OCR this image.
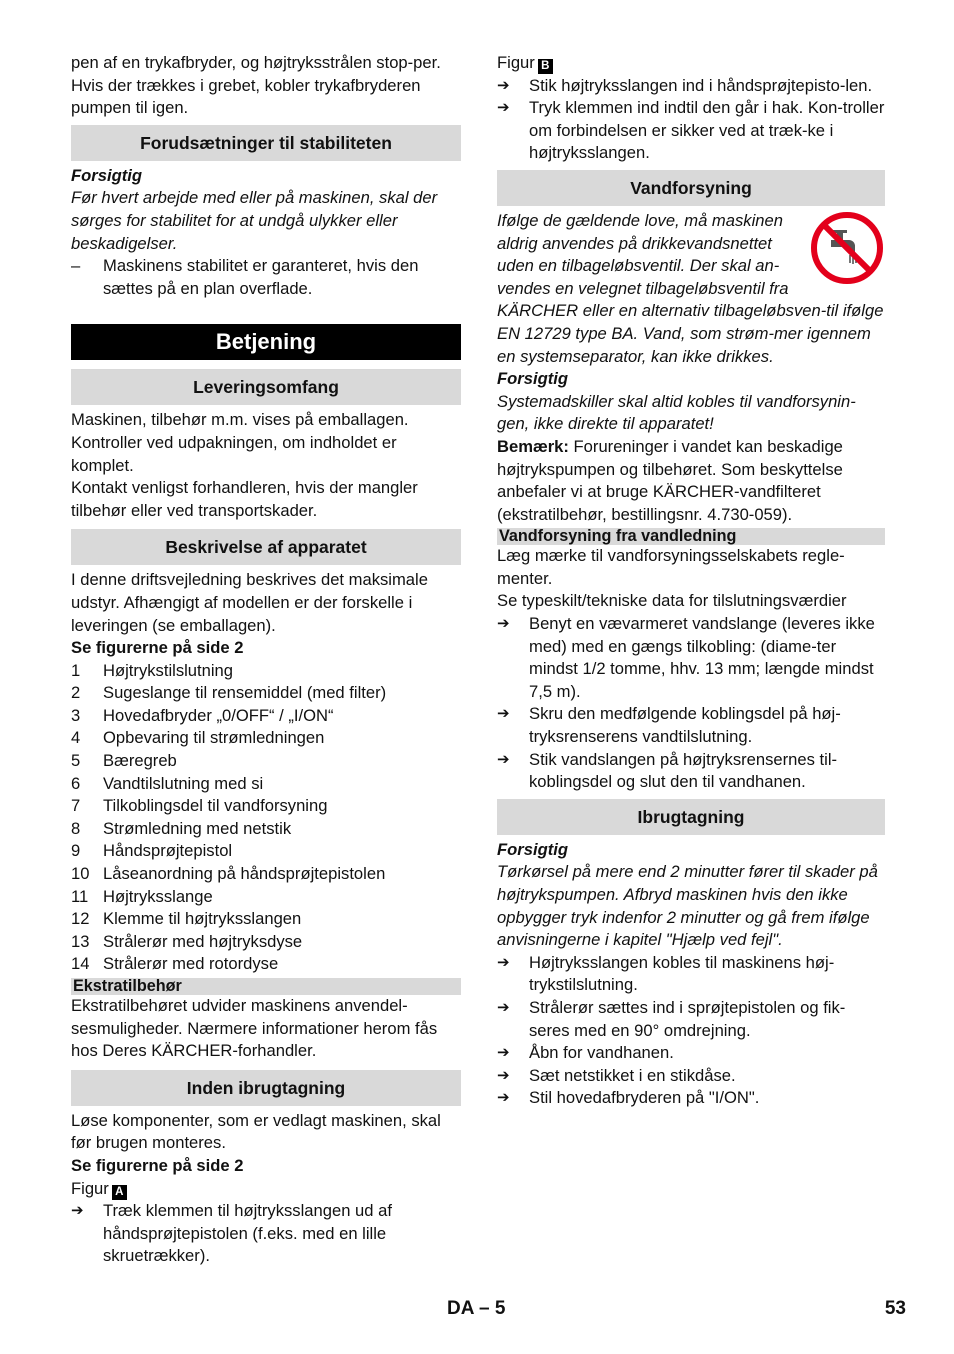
pen af en trykafbryder, og højtryksstrålen stop-per. Hvis der trækkes i grebet, kobler trykafbryderen pumpen til igen.

Forudsætninger til stabiliteten

Forsigtig

Før hvert arbejde med eller på maskinen, skal der sørges for stabilitet for at undgå ulykker eller beskadigelser.

–	Maskinens stabilitet er garanteret, hvis den sættes på en plan overflade.
Betjening
Leveringsomfang

Maskinen, tilbehør m.m. vises på emballagen. Kontroller ved udpakningen, om indholdet er komplet.

Kontakt venligst forhandleren, hvis der mangler tilbehør eller ved transportskader.

Beskrivelse af apparatet

I denne driftsvejledning beskrives det maksimale udstyr. Afhængigt af modellen er der forskelle i leveringen (se emballagen).

Se figurerne på side 2

1	Højtrykstilslutning
2	Sugeslange til rensemiddel (med filter)
3	Hovedafbryder „0/OFF“ / „I/ON“
4	Opbevaring til strømledningen
5	Bæregreb
6	Vandtilslutning med si
7	Tilkoblingsdel til vandforsyning
8	Strømledning med netstik
9	Håndsprøjtepistol
10 Låseanordning på håndsprøjtepistolen
11 Højtryksslange
12 Klemme til højtryksslangen
13 Strålerør med højtryksdyse
14 Strålerør med rotordyse
Ekstratilbehør

Ekstratilbehøret udvider maskinens anvendel-sesmuligheder. Nærmere informationer herom fås hos Deres KÄRCHER-forhandler.

Inden ibrugtagning

Løse komponenter, som er vedlagt maskinen, skal før brugen monteres.

Se figurerne på side 2

Figur A

➔	Træk klemmen til højtryksslangen ud af håndsprøjtepistolen (f.eks. med en lille skruetrækker).

Figur B

➔	Stik højtryksslangen ind i håndsprøjtepisto-len.
➔	Tryk klemmen ind indtil den går i hak. Kon-troller om forbindelsen er sikker ved at træk-ke i højtryksslangen.
Vandforsyning

Ifølge de gældende love, må maskinen aldrig anvendes på drikkevandsnettet uden en tilbageløbsventil. Der skal an-vendes en velegnet tilbageløbsventil fra KÄRCHER eller en alternativ tilbageløbsven-til ifølge EN 12729 type BA. Vand, som strøm-mer igennem en systemseparator, kan ikke drikkes.

Forsigtig

Systemadskiller skal altid kobles til vandforsynin-gen, ikke direkte til apparatet!

Bemærk: Forureninger i vandet kan beskadige højtrykspumpen og tilbehøret. Som beskyttelse anbefaler vi at bruge KÄRCHER-vandfilteret (ekstratilbehør, bestillingsnr. 4.730-059).

Vandforsyning fra vandledning

Læg mærke til vandforsyningsselskabets regle-menter.

Se typeskilt/tekniske data for tilslutningsværdier

➔	Benyt en vævarmeret vandslange (leveres ikke med) med en gængs tilkobling: (diame-ter mindst 1/2 tomme, hhv. 13 mm; længde mindst 7,5 m).
➔	Skru den medfølgende koblingsdel på høj-tryksrenserens vandtilslutning.
➔	Stik vandslangen på højtryksrensernes til-koblingsdel og slut den til vandhanen.
Ibrugtagning

Forsigtig

Tørkørsel på mere end 2 minutter fører til skader på højtrykspumpen. Afbryd maskinen hvis den ikke opbygger tryk indenfor 2 minutter og gå frem ifølge anvisningerne i kapitel "Hjælp ved fejl".

➔	Højtryksslangen kobles til maskinens høj-trykstilslutning.
➔	Strålerør sættes ind i sprøjtepistolen og fik-seres med en 90° omdrejning.
➔	Åbn for vandhanen.
➔	Sæt netstikket i en stikdåse.
➔	Stil hovedafbryderen på "I/ON".
DA – 5	53
